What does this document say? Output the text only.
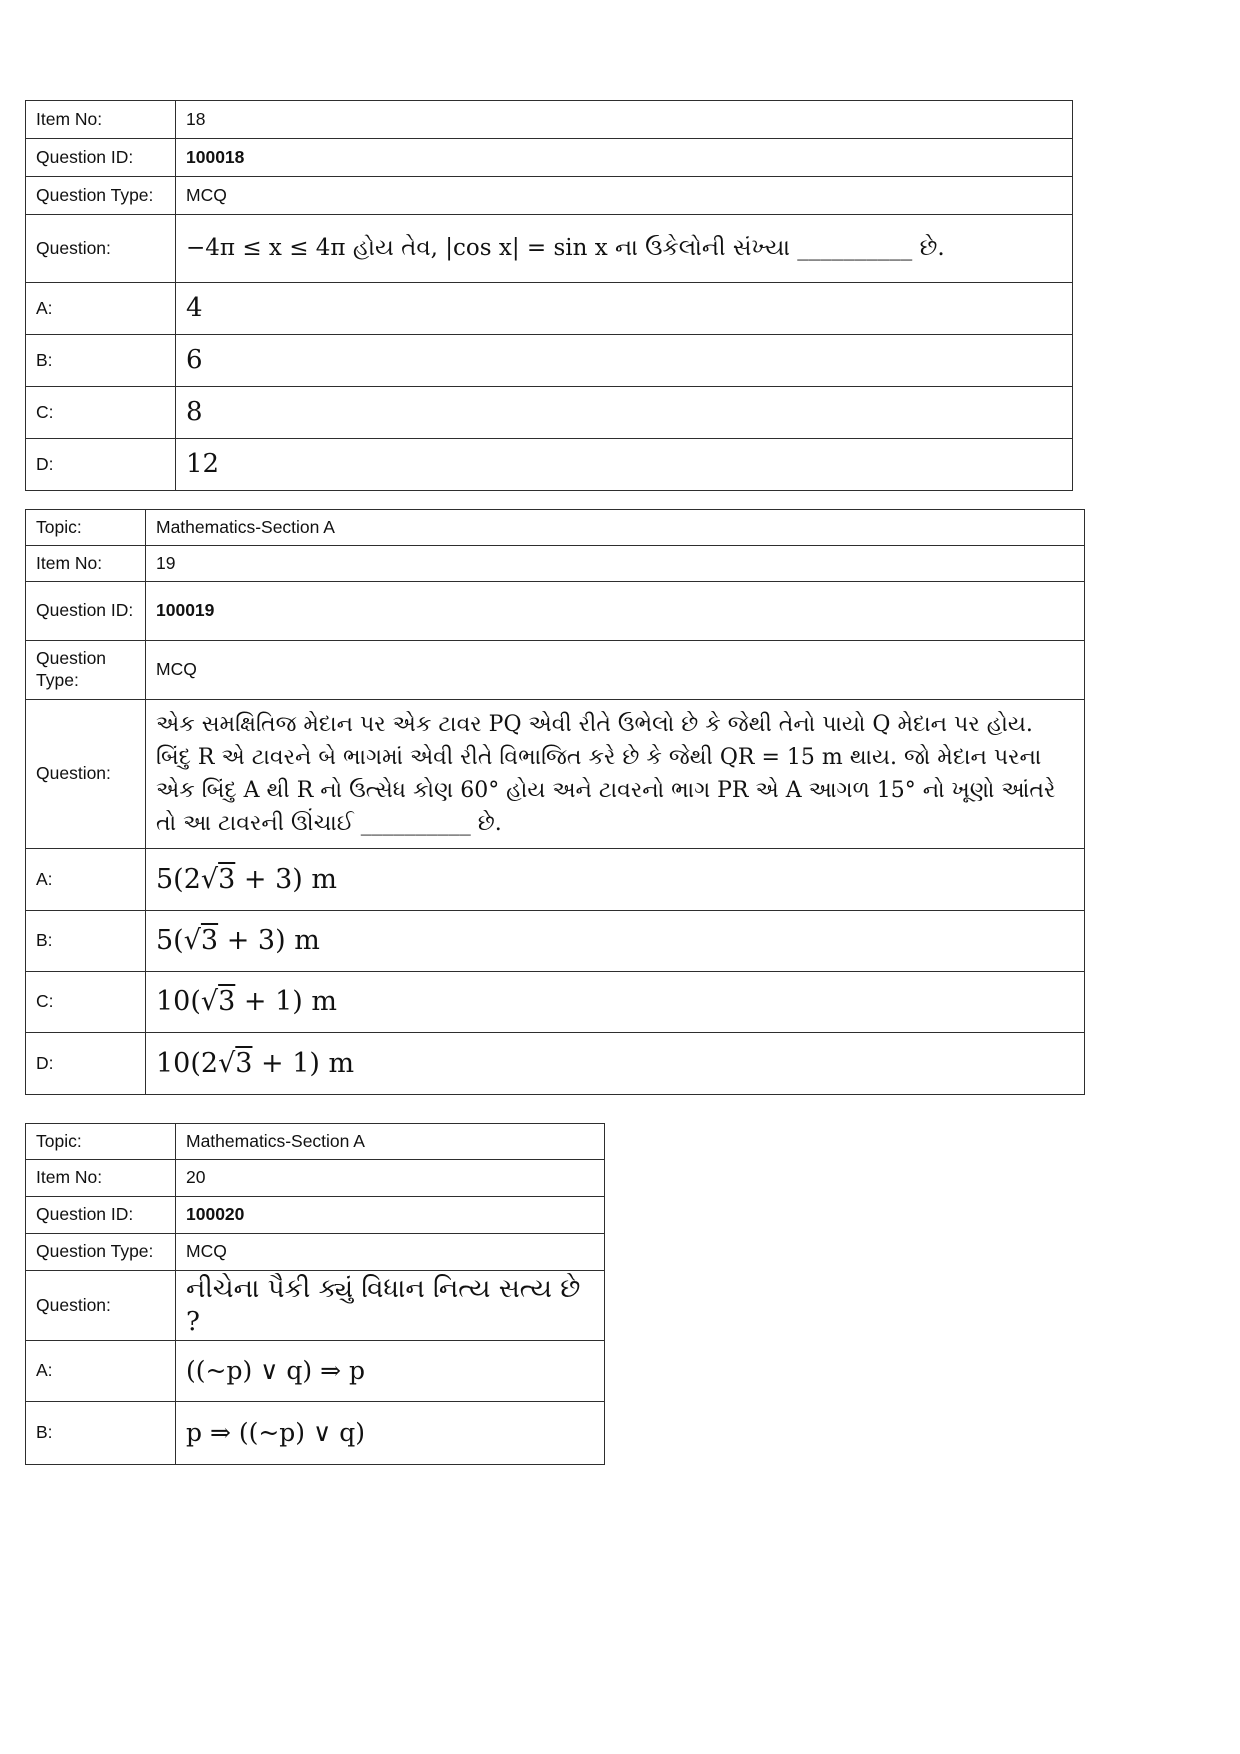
Item No:	18
Question ID:	100018
Question Type:	MCQ
Question:	−4π ≤ x ≤ 4π હોય તેવ, |cos x| = sin x ના ઉકેલોની સંખ્યા __________ છે.
A:	4
B:	6
C:	8
D:	12
Topic:	Mathematics-Section A
Item No:	19
Question ID:	100019
Question Type:	MCQ
Question:	એક સમક્ષિતિજ મેદાન પર એક ટાવર PQ એવી રીતે ઉભેલો છે કે જેથી તેનો પાયો Q મેદાન પર હોય. બિંદુ R એ ટાવરને બે ભાગમાં એવી રીતે વિભાજિત કરે છે કે જેથી QR = 15 m થાય. જો મેદાન પરના એક બિંદુ A થી R નો ઉત્સેધ કોણ 60° હોય અને ટાવરનો ભાગ PR એ A આગળ 15° નો ખૂણો આંતરે તો આ ટાવરની ઊંચાઈ __________ છે.
A:	5(2√3 + 3) m
B:	5(√3 + 3) m
C:	10(√3 + 1) m
D:	10(2√3 + 1) m
Topic:	Mathematics-Section A
Item No:	20
Question ID:	100020
Question Type:	MCQ
Question:	નીચેના પૈકી ક્યું વિધાન નિત્ય સત્ય છે ?
A:	((~p) ∨ q) ⇒ p
B:	p ⇒ ((~p) ∨ q)
